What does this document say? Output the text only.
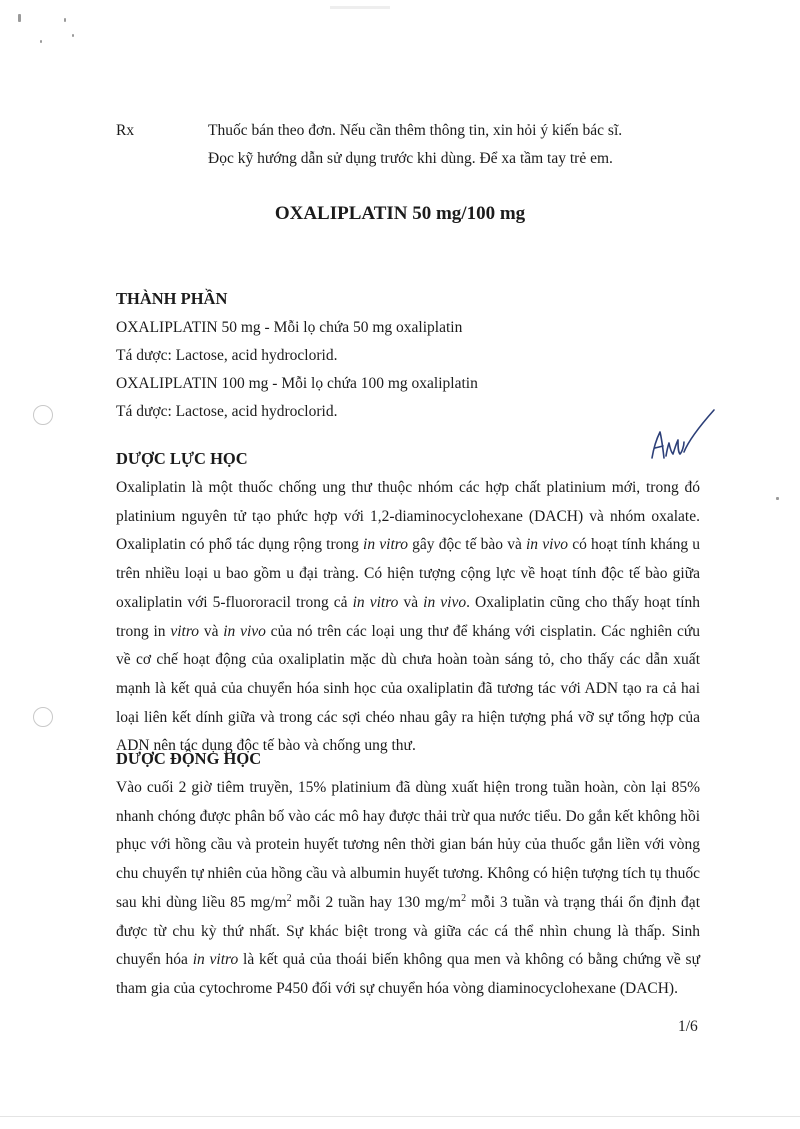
Rx	Thuốc bán theo đơn. Nếu cần thêm thông tin, xin hỏi ý kiến bác sĩ.
Đọc kỹ hướng dẫn sử dụng trước khi dùng. Để xa tầm tay trẻ em.
OXALIPLATIN 50 mg/100 mg
THÀNH PHẦN
OXALIPLATIN 50 mg - Mỗi lọ chứa 50 mg oxaliplatin
Tá dược: Lactose, acid hydroclorid.
OXALIPLATIN 100 mg - Mỗi lọ chứa 100 mg oxaliplatin
Tá dược: Lactose, acid hydroclorid.
DƯỢC LỰC HỌC
Oxaliplatin là một thuốc chống ung thư thuộc nhóm các hợp chất platinium mới, trong đó platinium nguyên tử tạo phức hợp với 1,2-diaminocyclohexane (DACH) và nhóm oxalate. Oxaliplatin có phổ tác dụng rộng trong in vitro gây độc tế bào và in vivo có hoạt tính kháng u trên nhiều loại u bao gồm u đại tràng. Có hiện tượng cộng lực về hoạt tính độc tế bào giữa oxaliplatin với 5-fluororacil trong cả in vitro và in vivo. Oxaliplatin cũng cho thấy hoạt tính trong in vitro và in vivo của nó trên các loại ung thư để kháng với cisplatin. Các nghiên cứu về cơ chế hoạt động của oxaliplatin mặc dù chưa hoàn toàn sáng tỏ, cho thấy các dẫn xuất mạnh là kết quả của chuyển hóa sinh học của oxaliplatin đã tương tác với ADN tạo ra cả hai loại liên kết dính giữa và trong các sợi chéo nhau gây ra hiện tượng phá vỡ sự tổng hợp của ADN nên tác dụng độc tế bào và chống ung thư.
DƯỢC ĐỘNG HỌC
Vào cuối 2 giờ tiêm truyền, 15% platinium đã dùng xuất hiện trong tuần hoàn, còn lại 85% nhanh chóng được phân bố vào các mô hay được thải trừ qua nước tiểu. Do gắn kết không hồi phục với hồng cầu và protein huyết tương nên thời gian bán hủy của thuốc gắn liền với vòng chu chuyển tự nhiên của hồng cầu và albumin huyết tương. Không có hiện tượng tích tụ thuốc sau khi dùng liều 85 $mg/m^2$ mỗi 2 tuần hay 130 $mg/m^2$ mỗi 3 tuần và trạng thái ổn định đạt được từ chu kỳ thứ nhất. Sự khác biệt trong và giữa các cá thể nhìn chung là thấp. Sinh chuyển hóa in vitro là kết quả của thoái biến không qua men và không có bằng chứng về sự tham gia của cytochrome P450 đối với sự chuyển hóa vòng diaminocyclohexane (DACH).
1/6
